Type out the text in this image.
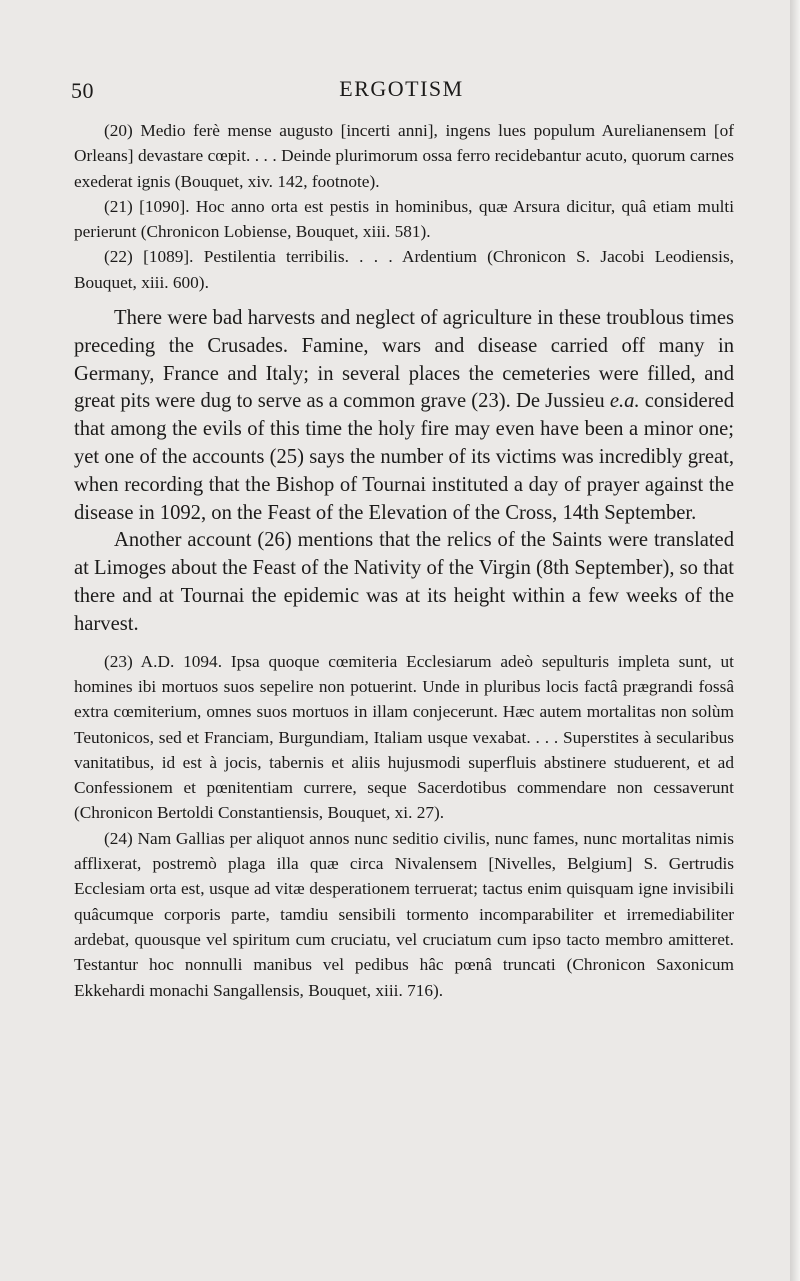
50	ERGOTISM

(20) Medio ferè mense augusto [incerti anni], ingens lues populum Aurelianensem [of Orleans] devastare cœpit. . . . Deinde plurimorum ossa ferro recidebantur acuto, quorum carnes exederat ignis (Bouquet, xiv. 142, footnote).

(21) [1090]. Hoc anno orta est pestis in hominibus, quæ Arsura dicitur, quâ etiam multi perierunt (Chronicon Lobiense, Bouquet, xiii. 581).

(22) [1089]. Pestilentia terribilis. . . . Ardentium (Chronicon S. Jacobi Leodiensis, Bouquet, xiii. 600).

There were bad harvests and neglect of agriculture in these troublous times preceding the Crusades. Famine, wars and disease carried off many in Germany, France and Italy; in several places the cemeteries were filled, and great pits were dug to serve as a common grave (23). De Jussieu e.a. considered that among the evils of this time the holy fire may even have been a minor one; yet one of the accounts (25) says the number of its victims was incredibly great, when recording that the Bishop of Tournai instituted a day of prayer against the disease in 1092, on the Feast of the Elevation of the Cross, 14th September.

Another account (26) mentions that the relics of the Saints were translated at Limoges about the Feast of the Nativity of the Virgin (8th September), so that there and at Tournai the epidemic was at its height within a few weeks of the harvest.

(23) A.D. 1094. Ipsa quoque cœmiteria Ecclesiarum adeò sepulturis impleta sunt, ut homines ibi mortuos suos sepelire non potuerint. Unde in pluribus locis factâ prægrandi fossâ extra cœmiterium, omnes suos mortuos in illam conjecerunt. Hæc autem mortalitas non solùm Teutonicos, sed et Franciam, Burgundiam, Italiam usque vexabat. . . . Superstites à secularibus vanitatibus, id est à jocis, tabernis et aliis hujusmodi superfluis abstinere studuerent, et ad Confessionem et pœnitentiam currere, seque Sacerdotibus commendare non cessaverunt (Chronicon Bertoldi Constantiensis, Bouquet, xi. 27).

(24) Nam Gallias per aliquot annos nunc seditio civilis, nunc fames, nunc mortalitas nimis afflixerat, postremò plaga illa quæ circa Nivalensem [Nivelles, Belgium] S. Gertrudis Ecclesiam orta est, usque ad vitæ desperationem terruerat; tactus enim quisquam igne invisibili quâcumque corporis parte, tamdiu sensibili tormento incomparabiliter et irremediabiliter ardebat, quousque vel spiritum cum cruciatu, vel cruciatum cum ipso tacto membro amitteret. Testantur hoc nonnulli manibus vel pedibus hâc pœnâ truncati (Chronicon Saxonicum Ekkehardi monachi Sangallensis, Bouquet, xiii. 716).
